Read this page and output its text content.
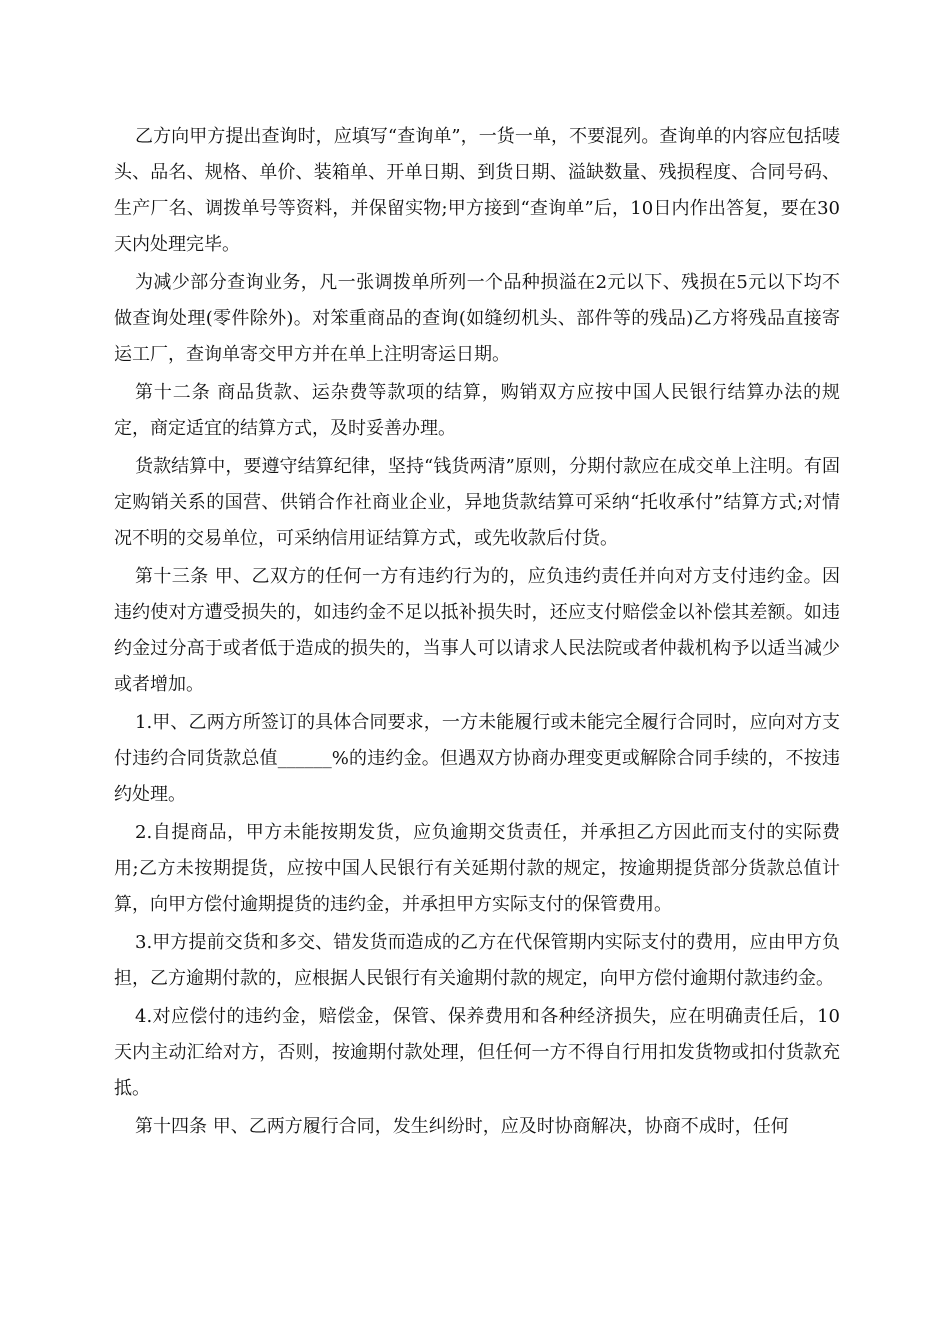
乙方向甲方提出查询时，应填写“查询单”，一货一单，不要混列。查询单的内容应包括唛头、品名、规格、单价、装箱单、开单日期、到货日期、溢缺数量、残损程度、合同号码、生产厂名、调拨单号等资料，并保留实物;甲方接到“查询单”后，10日内作出答复，要在30天内处理完毕。

为减少部分查询业务，凡一张调拨单所列一个品种损溢在2元以下、残损在5元以下均不做查询处理(零件除外)。对笨重商品的查询(如缝纫机头、部件等的残品)乙方将残品直接寄运工厂，查询单寄交甲方并在单上注明寄运日期。

第十二条 商品货款、运杂费等款项的结算，购销双方应按中国人民银行结算办法的规定，商定适宜的结算方式，及时妥善办理。

货款结算中，要遵守结算纪律，坚持“钱货两清”原则，分期付款应在成交单上注明。有固定购销关系的国营、供销合作社商业企业，异地货款结算可采纳“托收承付”结算方式;对情况不明的交易单位，可采纳信用证结算方式，或先收款后付货。

第十三条 甲、乙双方的任何一方有违约行为的，应负违约责任并向对方支付违约金。因违约使对方遭受损失的，如违约金不足以抵补损失时，还应支付赔偿金以补偿其差额。如违约金过分高于或者低于造成的损失的，当事人可以请求人民法院或者仲裁机构予以适当减少或者增加。

1.甲、乙两方所签订的具体合同要求，一方未能履行或未能完全履行合同时，应向对方支付违约合同货款总值______%的违约金。但遇双方协商办理变更或解除合同手续的，不按违约处理。

2.自提商品，甲方未能按期发货，应负逾期交货责任，并承担乙方因此而支付的实际费用;乙方未按期提货，应按中国人民银行有关延期付款的规定，按逾期提货部分货款总值计算，向甲方偿付逾期提货的违约金，并承担甲方实际支付的保管费用。

3.甲方提前交货和多交、错发货而造成的乙方在代保管期内实际支付的费用，应由甲方负担，乙方逾期付款的，应根据人民银行有关逾期付款的规定，向甲方偿付逾期付款违约金。

4.对应偿付的违约金，赔偿金，保管、保养费用和各种经济损失，应在明确责任后，10天内主动汇给对方，否则，按逾期付款处理，但任何一方不得自行用扣发货物或扣付货款充抵。

第十四条 甲、乙两方履行合同，发生纠纷时，应及时协商解决，协商不成时，任何
